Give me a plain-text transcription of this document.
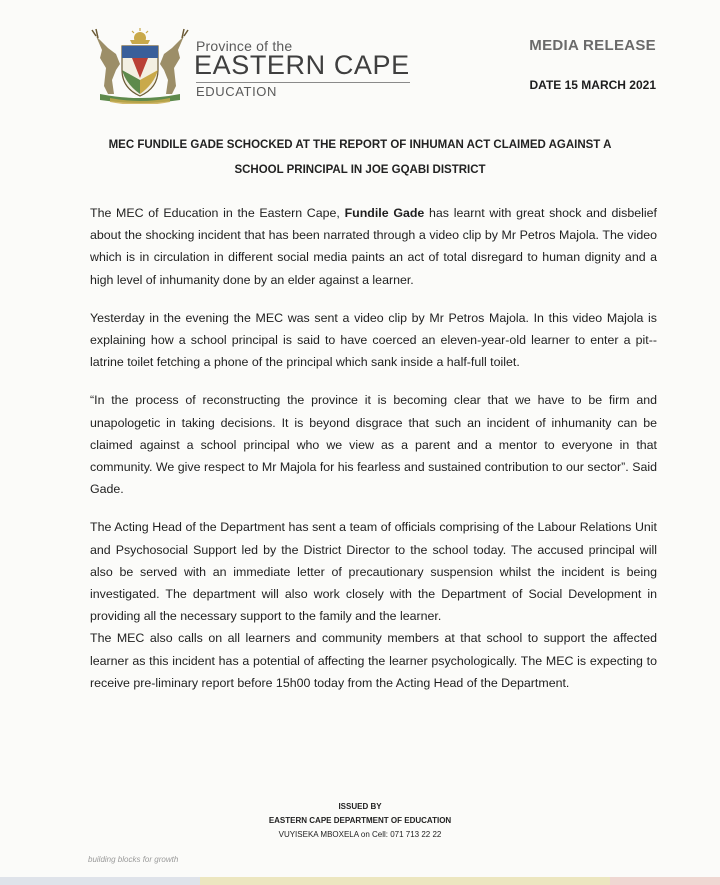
Province of the
EASTERN CAPE
EDUCATION
MEDIA RELEASE
DATE 15 MARCH 2021
MEC FUNDILE GADE SCHOCKED AT THE REPORT OF INHUMAN ACT CLAIMED AGAINST A
SCHOOL PRINCIPAL IN JOE GQABI DISTRICT

The MEC of Education in the Eastern Cape, Fundile Gade has learnt with great shock and disbelief about the shocking incident that has been narrated through a video clip by Mr Petros Majola. The video which is in circulation in different social media paints an act of total disregard to human dignity and a high level of inhumanity done by an elder against a learner.

Yesterday in the evening the MEC was sent a video clip by Mr Petros Majola. In this video Majola is explaining how a school principal is said to have coerced an eleven-year-old learner to enter a pit--latrine toilet fetching a phone of the principal which sank inside a half-full toilet.

“In the process of reconstructing the province it is becoming clear that we have to be firm and unapologetic in taking decisions. It is beyond disgrace that such an incident of inhumanity can be claimed against a school principal who we view as a parent and a mentor to everyone in that community. We give respect to Mr Majola for his fearless and sustained contribution to our sector”. Said Gade.

The Acting Head of the Department has sent a team of officials comprising of the Labour Relations Unit and Psychosocial Support led by the District Director to the school today. The accused principal will also be served with an immediate letter of precautionary suspension whilst the incident is being investigated. The department will also work closely with the Department of Social Development in providing all the necessary support to the family and the learner.

The MEC also calls on all learners and community members at that school to support the affected learner as this incident has a potential of affecting the learner psychologically. The MEC is expecting to receive pre-liminary report before 15h00 today from the Acting Head of the Department.

ISSUED BY
EASTERN CAPE DEPARTMENT OF EDUCATION
VUYISEKA MBOXELA on Cell: 071 713 22 22
building blocks for growth
